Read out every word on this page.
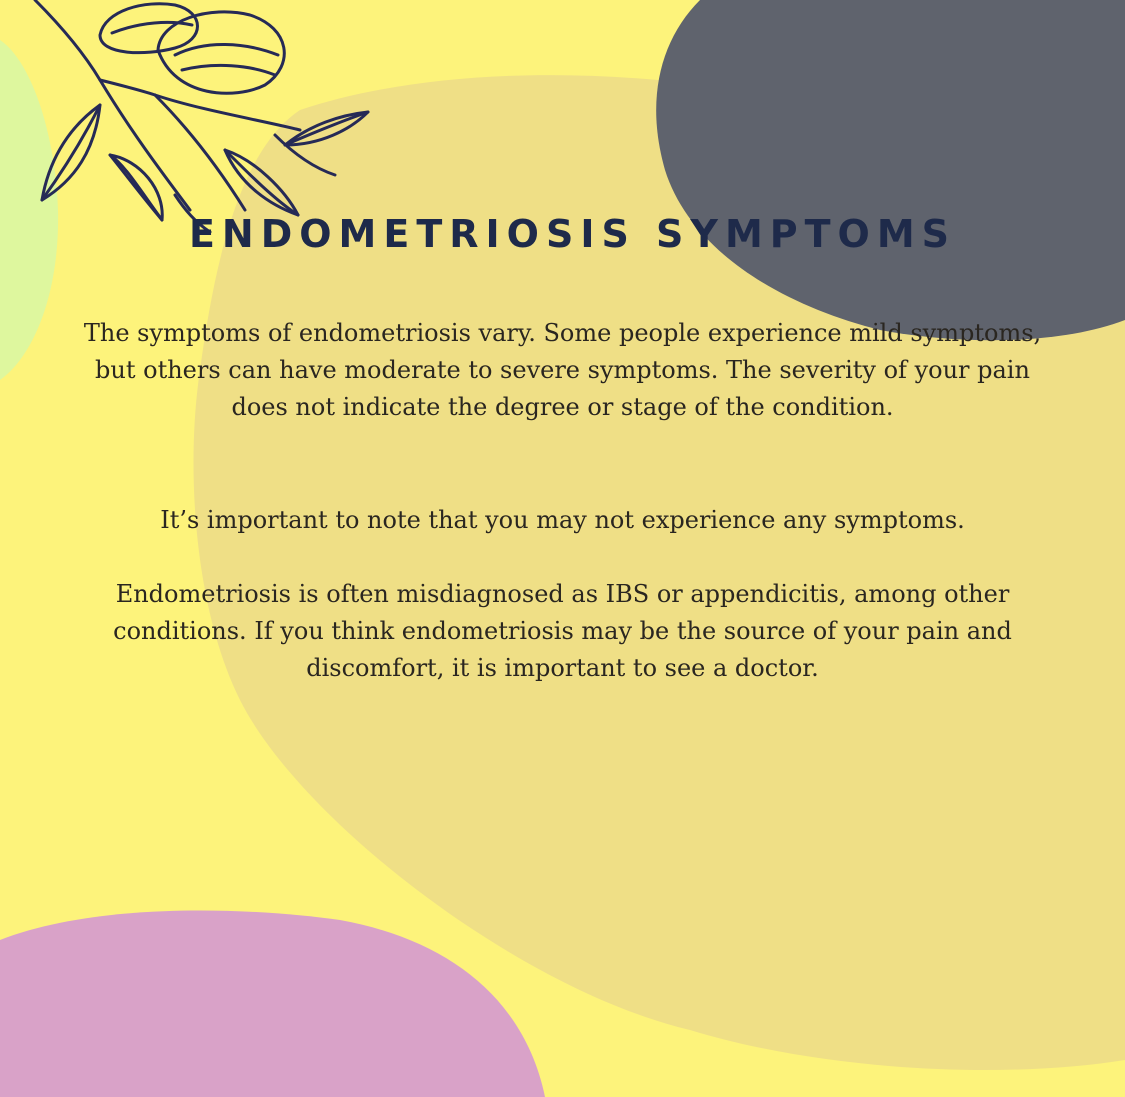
ENDOMETRIOSIS SYMPTOMS

The symptoms of endometriosis vary. Some people experience mild symptoms, but others can have moderate to severe symptoms. The severity of your pain does not indicate the degree or stage of the condition.

It’s important to note that you may not experience any symptoms.

Endometriosis is often misdiagnosed as IBS or appendicitis, among other conditions. If you think endometriosis may be the source of your pain and discomfort, it is important to see a doctor.
